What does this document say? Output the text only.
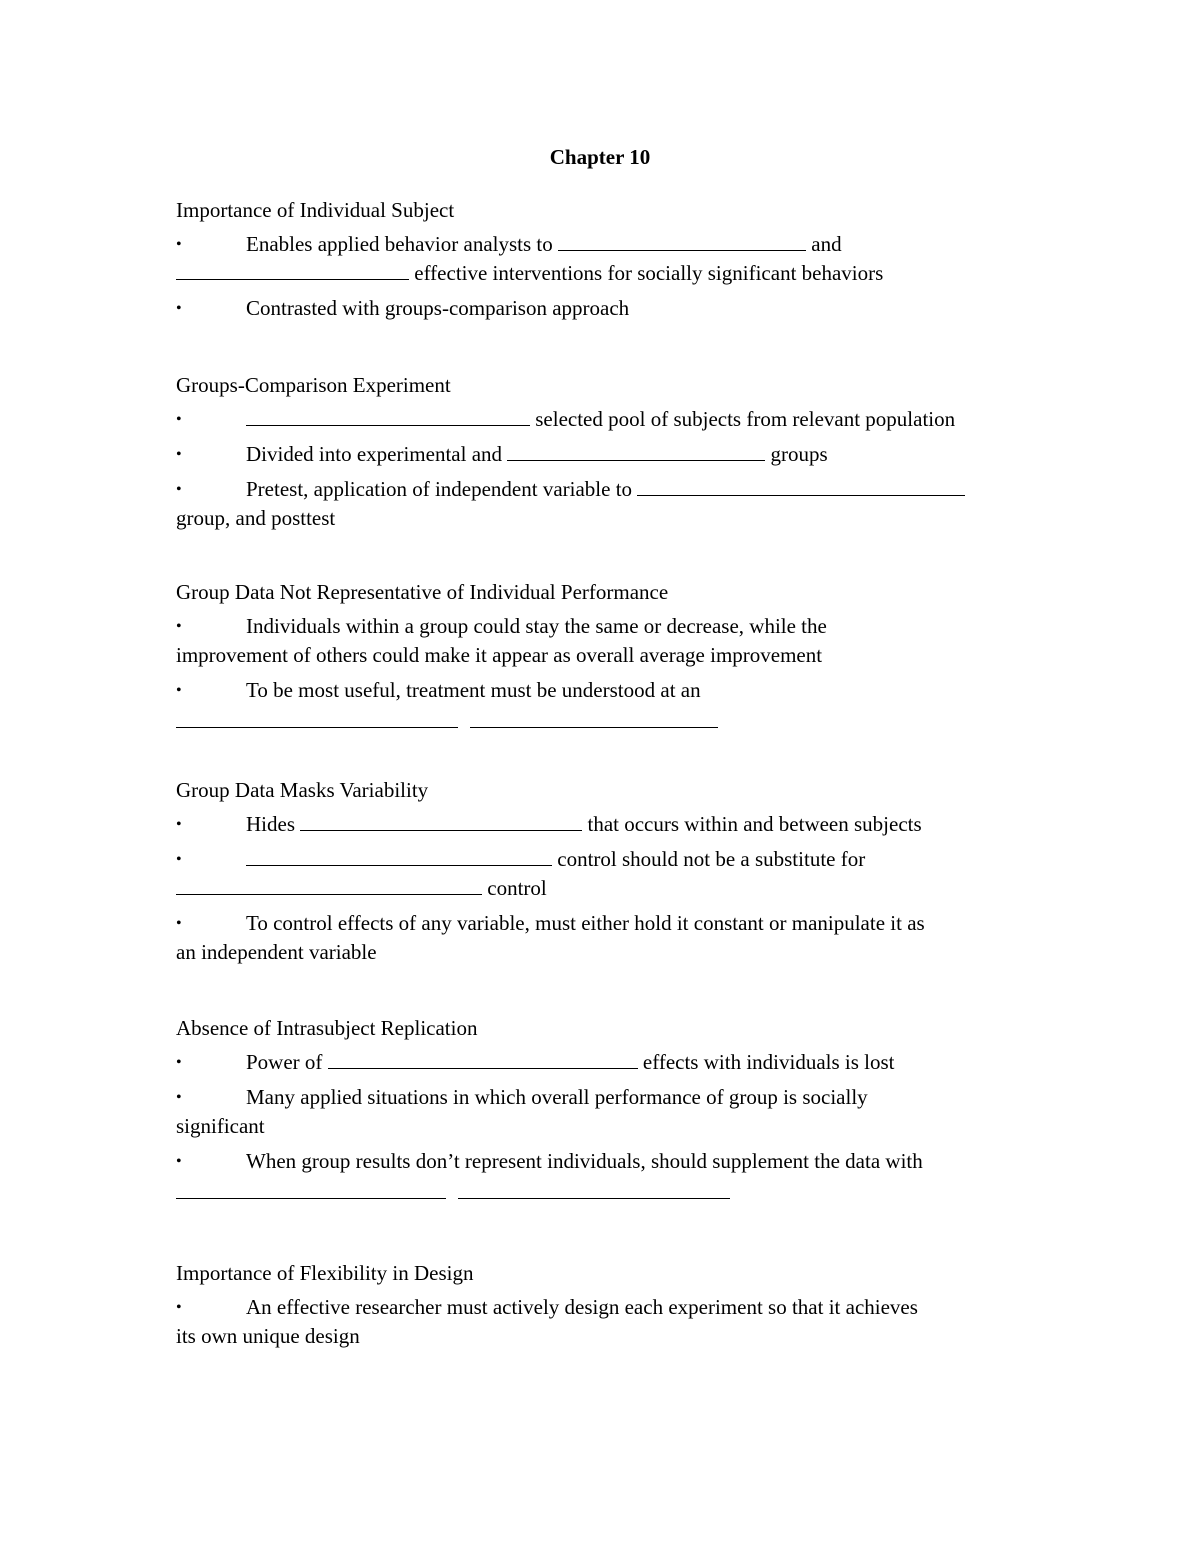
Chapter 10
Importance of Individual Subject
•	Enables applied behavior analysts to	and
effective interventions for socially significant behaviors
•	Contrasted with groups-comparison approach
Groups-Comparison Experiment
•	selected pool of subjects from relevant population
•	Divided into experimental and	groups
•	Pretest, application of independent variable to
group, and posttest
Group Data Not Representative of Individual Performance
•	Individuals within a group could stay the same or decrease, while the
improvement of others could make it appear as overall average improvement
•	To be most useful, treatment must be understood at an
Group Data Masks Variability
•	Hides	that occurs within and between subjects
•	control should not be a substitute for
control
•	To control effects of any variable, must either hold it constant or manipulate it as
an independent variable
Absence of Intrasubject Replication
•	Power of	effects with individuals is lost
•	Many applied situations in which overall performance of group is socially
significant
•	When group results don’t represent individuals, should supplement the data with
Importance of Flexibility in Design
•	An effective researcher must actively design each experiment so that it achieves
its own unique design
